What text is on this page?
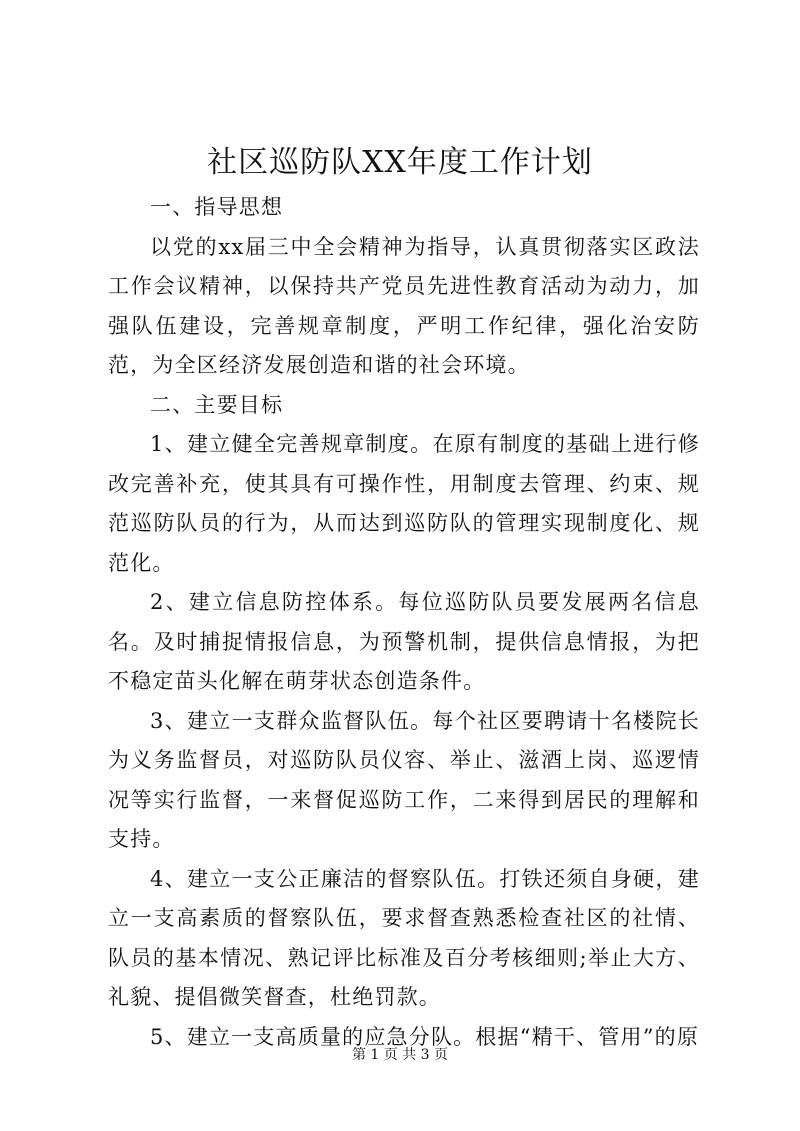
社区巡防队XX年度工作计划

一、指导思想

以党的xx届三中全会精神为指导，认真贯彻落实区政法工作会议精神，以保持共产党员先进性教育活动为动力，加强队伍建设，完善规章制度，严明工作纪律，强化治安防范，为全区经济发展创造和谐的社会环境。

二、主要目标

1、建立健全完善规章制度。在原有制度的基础上进行修改完善补充，使其具有可操作性，用制度去管理、约束、规范巡防队员的行为，从而达到巡防队的管理实现制度化、规范化。

2、建立信息防控体系。每位巡防队员要发展两名信息名。及时捕捉情报信息，为预警机制，提供信息情报，为把不稳定苗头化解在萌芽状态创造条件。

3、建立一支群众监督队伍。每个社区要聘请十名楼院长为义务监督员，对巡防队员仪容、举止、滋酒上岗、巡逻情况等实行监督，一来督促巡防工作，二来得到居民的理解和支持。

4、建立一支公正廉洁的督察队伍。打铁还须自身硬，建立一支高素质的督察队伍，要求督查熟悉检查社区的社情、队员的基本情况、熟记评比标准及百分考核细则;举止大方、礼貌、提倡微笑督查，杜绝罚款。

5、建立一支高质量的应急分队。根据“精干、管用”的原

第 1 页 共 3 页
